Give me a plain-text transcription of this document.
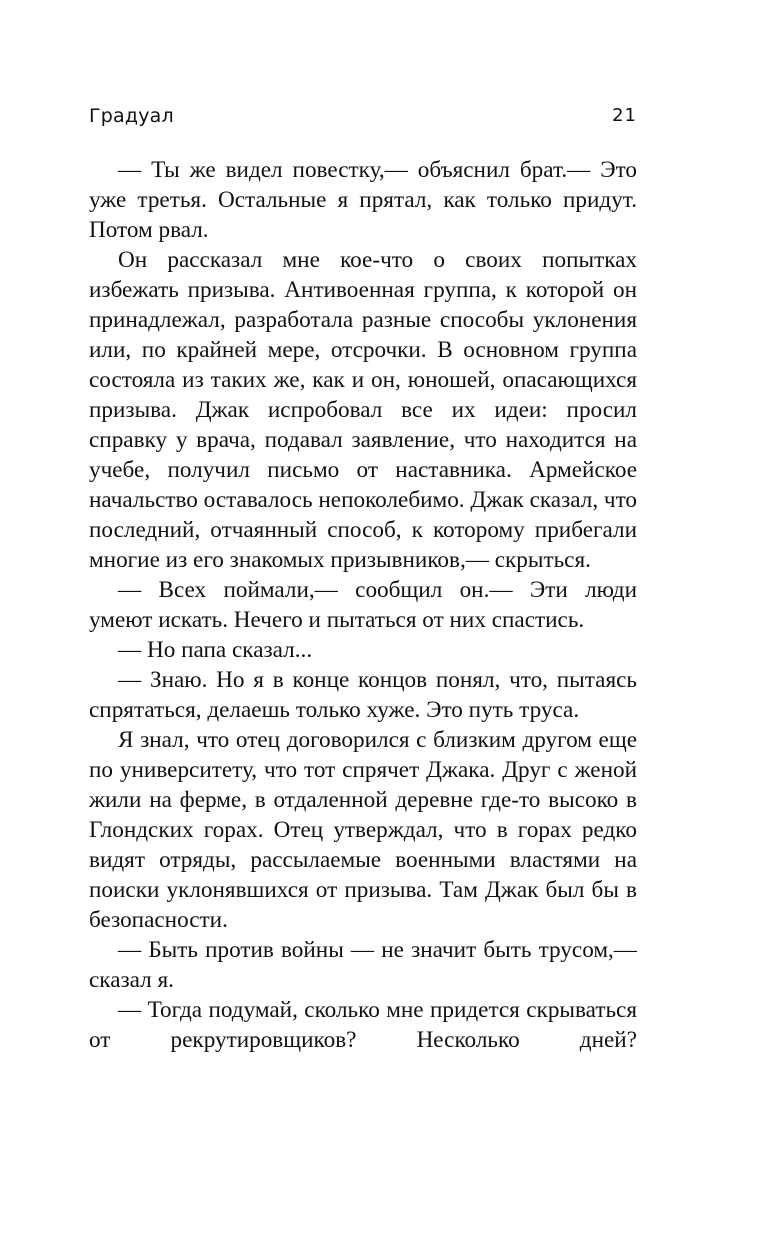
Градуал	21

— Ты же видел повестку,— объяснил брат.— Это уже третья. Остальные я прятал, как только придут. Потом рвал.

Он рассказал мне кое-что о своих попытках избежать призыва. Антивоенная группа, к которой он принадлежал, разработала разные способы уклонения или, по крайней мере, отсрочки. В основном группа состояла из таких же, как и он, юношей, опасающихся призыва. Джак испробовал все их идеи: просил справку у врача, подавал заявление, что находится на учебе, получил письмо от наставника. Армейское начальство оставалось непоколебимо. Джак сказал, что последний, отчаянный способ, к которому прибегали многие из его знакомых призывников,— скрыться.

— Всех поймали,— сообщил он.— Эти люди умеют искать. Нечего и пытаться от них спастись.

— Но папа сказал...

— Знаю. Но я в конце концов понял, что, пытаясь спрятаться, делаешь только хуже. Это путь труса.

Я знал, что отец договорился с близким другом еще по университету, что тот спрячет Джака. Друг с женой жили на ферме, в отдаленной деревне где-то высоко в Глондских горах. Отец утверждал, что в горах редко видят отряды, рассылаемые военными властями на поиски уклонявшихся от призыва. Там Джак был бы в безопасности.

— Быть против войны — не значит быть трусом,— сказал я.

— Тогда подумай, сколько мне придется скрываться от рекрутировщиков? Несколько дней?
